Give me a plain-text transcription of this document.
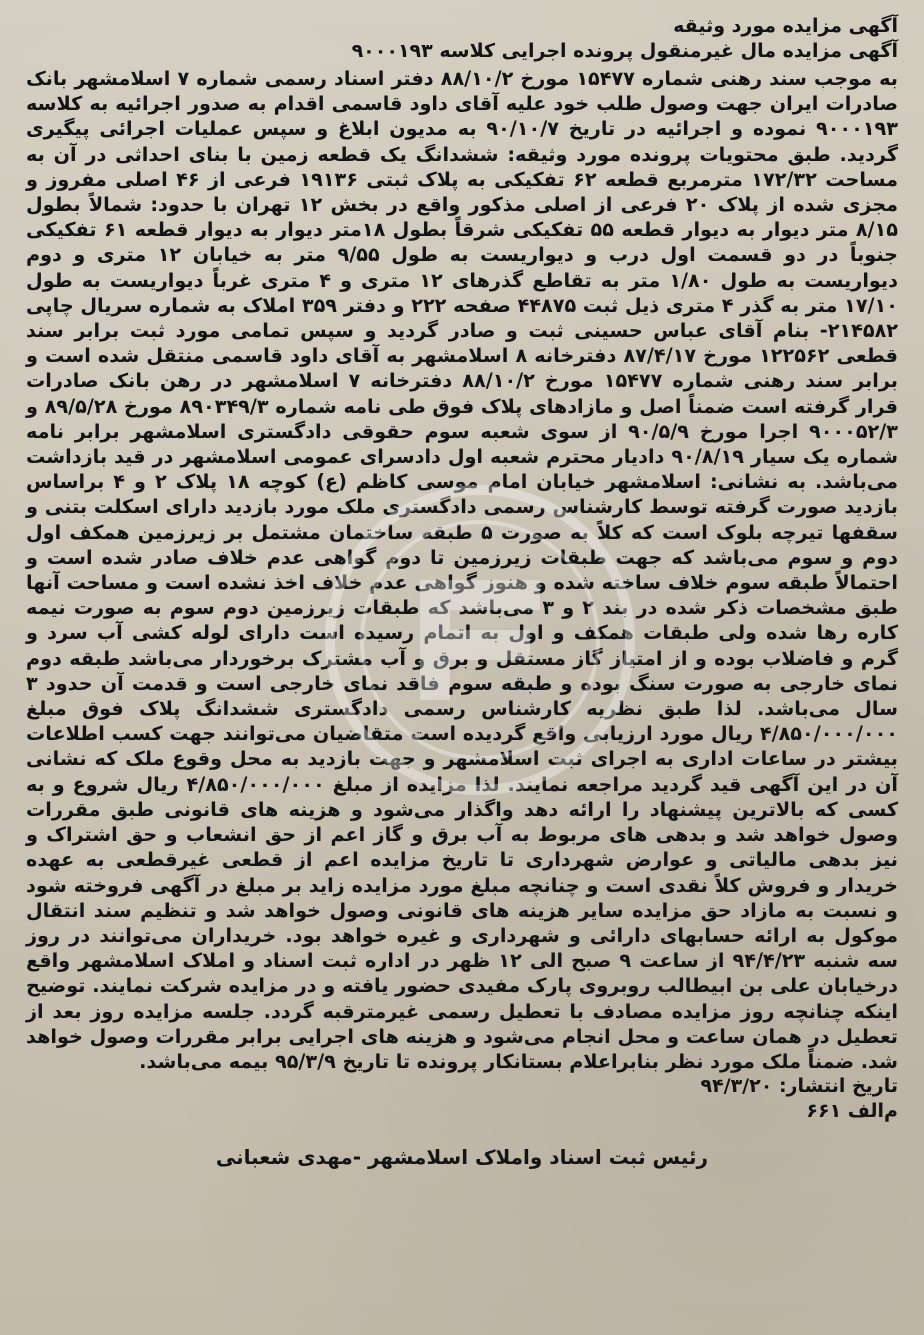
آگهی مزایده مورد وثیقه

آگهی مزایده مال غیرمنقول پرونده اجرایی کلاسه ۹۰۰۰۱۹۳

به موجب سند رهنی شماره ۱۵۴۷۷ مورخ ۸۸/۱۰/۲ دفتر اسناد رسمی شماره ۷ اسلامشهر بانک صادرات ایران جهت وصول طلب خود علیه آقای داود قاسمی اقدام به صدور اجرائیه به کلاسه ۹۰۰۰۱۹۳ نموده و اجرائیه در تاریخ ۹۰/۱۰/۷ به مدیون ابلاغ و سپس عملیات اجرائی پیگیری گردید. طبق محتویات پرونده مورد وثیقه: ششدانگ یک قطعه زمین با بنای احداثی در آن به مساحت ۱۷۲/۳۲ مترمربع قطعه ۶۲ تفکیکی به پلاک ثبتی ۱۹۱۳۶ فرعی از ۴۶ اصلی مفروز و مجزی شده از پلاک ۲۰ فرعی از اصلی مذکور واقع در بخش ۱۲ تهران با حدود: شمالاً بطول ۸/۱۵ متر دیوار به دیوار قطعه ۵۵ تفکیکی شرقاً بطول ۱۸متر دیوار به دیوار قطعه ۶۱ تفکیکی جنوباً در دو قسمت اول درب و دیواریست به طول ۹/۵۵ متر به خیابان ۱۲ متری و دوم دیواریست به طول ۱/۸۰ متر به تقاطع گذرهای ۱۲ متری و ۴ متری غرباً دیواریست به طول ۱۷/۱۰ متر به گذر ۴ متری ذیل ثبت ۴۴۸۷۵ صفحه ۲۲۲ و دفتر ۳۵۹ املاک به شماره سریال چاپی ۲۱۴۵۸۲- بنام آقای عباس حسینی ثبت و صادر گردید و سپس تمامی مورد ثبت برابر سند قطعی ۱۲۲۵۶۲ مورخ ۸۷/۴/۱۷ دفترخانه ۸ اسلامشهر به آقای داود قاسمی منتقل شده است و برابر سند رهنی شماره ۱۵۴۷۷ مورخ ۸۸/۱۰/۲ دفترخانه ۷ اسلامشهر در رهن بانک صادرات قرار گرفته است ضمناً اصل و مازادهای پلاک فوق طی نامه شماره ۸۹۰۳۴۹/۳ مورخ ۸۹/۵/۲۸ و ۹۰۰۰۵۲/۳ اجرا مورخ ۹۰/۵/۹ از سوی شعبه سوم حقوقی دادگستری اسلامشهر برابر نامه شماره یک سیار ۹۰/۸/۱۹ دادیار محترم شعبه اول دادسرای عمومی اسلامشهر در قید بازداشت می‌باشد. به نشانی: اسلامشهر خیابان امام موسی کاظم (ع) کوچه ۱۸ پلاک ۲ و ۴ براساس بازدید صورت گرفته توسط کارشناس رسمی دادگستری ملک مورد بازدید دارای اسکلت بتنی و سقفها تیرچه بلوک است که کلاً به صورت ۵ طبقه ساختمان مشتمل بر زیرزمین همکف اول دوم و سوم می‌باشد که جهت طبقات زیرزمین تا دوم گواهی عدم خلاف صادر شده است و احتمالاً طبقه سوم خلاف ساخته شده و هنوز گواهی عدم خلاف اخذ نشده است و مساحت آنها طبق مشخصات ذکر شده در بند ۲ و ۳ می‌باشد که طبقات زیرزمین دوم سوم به صورت نیمه کاره رها شده ولی طبقات همکف و اول به اتمام رسیده است دارای لوله کشی آب سرد و گرم و فاضلاب بوده و از امتیاز گاز مستقل و برق و آب مشترک برخوردار می‌باشد طبقه دوم نمای خارجی به صورت سنگ بوده و طبقه سوم فاقد نمای خارجی است و قدمت آن حدود ۳ سال می‌باشد. لذا طبق نظریه کارشناس رسمی دادگستری ششدانگ پلاک فوق مبلغ ۴/۸۵۰/۰۰۰/۰۰۰ ریال مورد ارزیابی واقع گردیده است متقاضیان می‌توانند جهت کسب اطلاعات بیشتر در ساعات اداری به اجرای ثبت اسلامشهر و جهت بازدید به محل وقوع ملک که نشانی آن در این آگهی قید گردید مراجعه نمایند. لذا مزایده از مبلغ ۴/۸۵۰/۰۰۰/۰۰۰ ریال شروع و به کسی که بالاترین پیشنهاد را ارائه دهد واگذار می‌شود و هزینه های قانونی طبق مقررات وصول خواهد شد و بدهی های مربوط به آب برق و گاز اعم از حق انشعاب و حق اشتراک و نیز بدهی مالیاتی و عوارض شهرداری تا تاریخ مزایده اعم از قطعی غیرقطعی به عهده خریدار و فروش کلاً نقدی است و چنانچه مبلغ مورد مزایده زاید بر مبلغ در آگهی فروخته شود و نسبت به مازاد حق مزایده سایر هزینه های قانونی وصول خواهد شد و تنظیم سند انتقال موکول به ارائه حسابهای دارائی و شهرداری و غیره خواهد بود. خریداران می‌توانند در روز سه شنبه ۹۴/۴/۲۳ از ساعت ۹ صبح الی ۱۲ ظهر در اداره ثبت اسناد و املاک اسلامشهر واقع درخیابان علی بن ابیطالب روبروی پارک مفیدی حضور یافته و در مزایده شرکت نمایند. توضیح اینکه چنانچه روز مزایده مصادف با تعطیل رسمی غیرمترقبه گردد. جلسه مزایده روز بعد از تعطیل در همان ساعت و محل انجام می‌شود و هزینه های اجرایی برابر مقررات وصول خواهد شد. ضمناً ملک مورد نظر بنابراعلام بستانکار پرونده تا تاریخ ۹۵/۳/۹ بیمه می‌باشد.

تاریخ انتشار: ۹۴/۳/۲۰

م‌الف ۶۶۱

رئیس ثبت اسناد واملاک اسلامشهر -مهدی شعبانی
